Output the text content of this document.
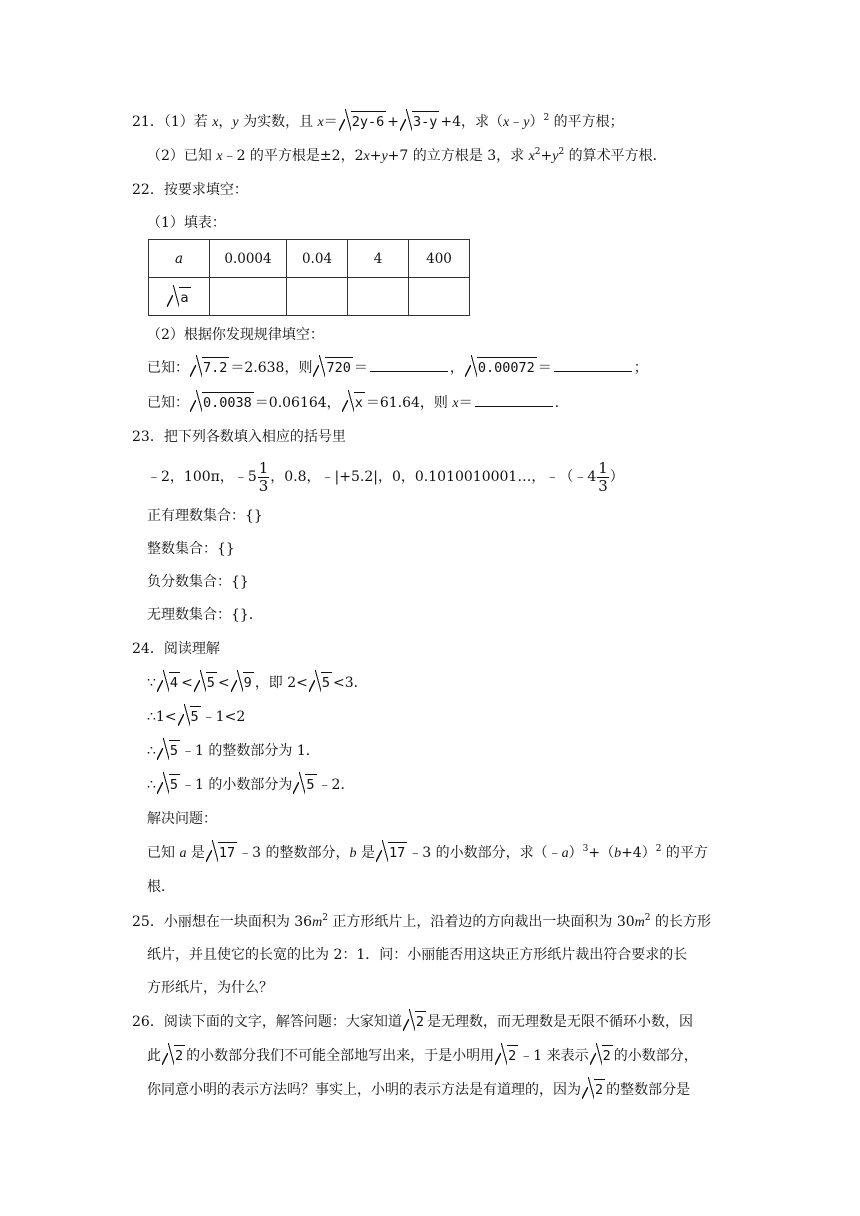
21．（1）若 x，y 为实数，且 x＝ 2y-6 + 3-y +4，求（x﹣y）$^2$ 的平方根；
（2）已知 x﹣2 的平方根是±2，2x+y+7 的立方根是 3，求 $x^2+y^2$ 的算术平方根．
22．按要求填空：
（1）填表：
a	0.0004	0.04	4	400
a				
（2）根据你发现规律填空：
已知： 7.2 ＝2.638，则 720 ＝	， 0.00072 ＝	；
已知： 0.0038 ＝0.06164， x ＝61.64，则 x＝	.
23．把下列各数填入相应的括号里
﹣2，100π，﹣5 $\frac{1}{3}$ ，0.8，﹣|+5.2|，0，0.1010010001…，﹣（﹣4 $\frac{1}{3}$ ）
正有理数集合：{}
整数集合：{}
负分数集合：{}
无理数集合：{}．
24．阅读理解
∵ 4 < 5 < 9 ，即 2< 5 <3．
∴1< 5 ﹣1<2
∴ 5 ﹣1 的整数部分为 1．
∴ 5 ﹣1 的小数部分为 5 ﹣2．
解决问题：
已知 a 是 17 ﹣3 的整数部分，b 是 17 ﹣3 的小数部分，求$(﹣a)^3+(b+4)^2$ 的平方
根．
25．小丽想在一块面积为 $36m^2$ 正方形纸片上，沿着边的方向裁出一块面积为 $30m^2$ 的长方形
纸片，并且使它的长宽的比为 2：1．问：小丽能否用这块正方形纸片裁出符合要求的长
方形纸片，为什么？
26．阅读下面的文字，解答问题：大家知道 2 是无理数，而无理数是无限不循环小数，因
此 2 的小数部分我们不可能全部地写出来，于是小明用 2 ﹣1 来表示 2 的小数部分，
你同意小明的表示方法吗？事实上，小明的表示方法是有道理的，因为 2 的整数部分是
